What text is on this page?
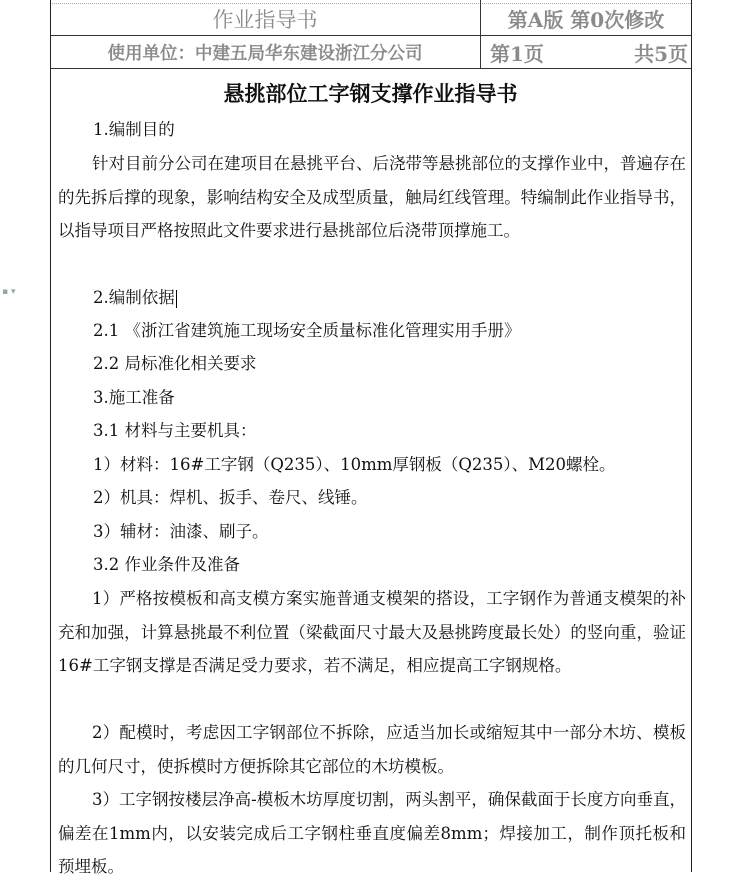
作业指导书	第A版 第0次修改
使用单位：中建五局华东建设浙江分公司	第1页	共5页
▪ ▾
悬挑部位工字钢支撑作业指导书
1.编制目的
针对目前分公司在建项目在悬挑平台、后浇带等悬挑部位的支撑作业中，普遍存在的先拆后撑的现象，影响结构安全及成型质量，触局红线管理。特编制此作业指导书，以指导项目严格按照此文件要求进行悬挑部位后浇带顶撑施工。
2.编制依据
2.1 《浙江省建筑施工现场安全质量标准化管理实用手册》
2.2 局标准化相关要求
3.施工准备
3.1 材料与主要机具：
1）材料：16#工字钢（Q235）、10mm厚钢板（Q235）、M20螺栓。
2）机具：焊机、扳手、卷尺、线锤。
3）辅材：油漆、刷子。
3.2 作业条件及准备
1）严格按模板和高支模方案实施普通支模架的搭设，工字钢作为普通支模架的补充和加强，计算悬挑最不利位置（梁截面尺寸最大及悬挑跨度最长处）的竖向重，验证16#工字钢支撑是否满足受力要求，若不满足，相应提高工字钢规格。
2）配模时，考虑因工字钢部位不拆除，应适当加长或缩短其中一部分木坊、模板的几何尺寸，使拆模时方便拆除其它部位的木坊模板。
3）工字钢按楼层净高-模板木坊厚度切割，两头割平，确保截面于长度方向垂直，偏差在1mm内，以安装完成后工字钢柱垂直度偏差8mm；焊接加工，制作顶托板和预埋板。
